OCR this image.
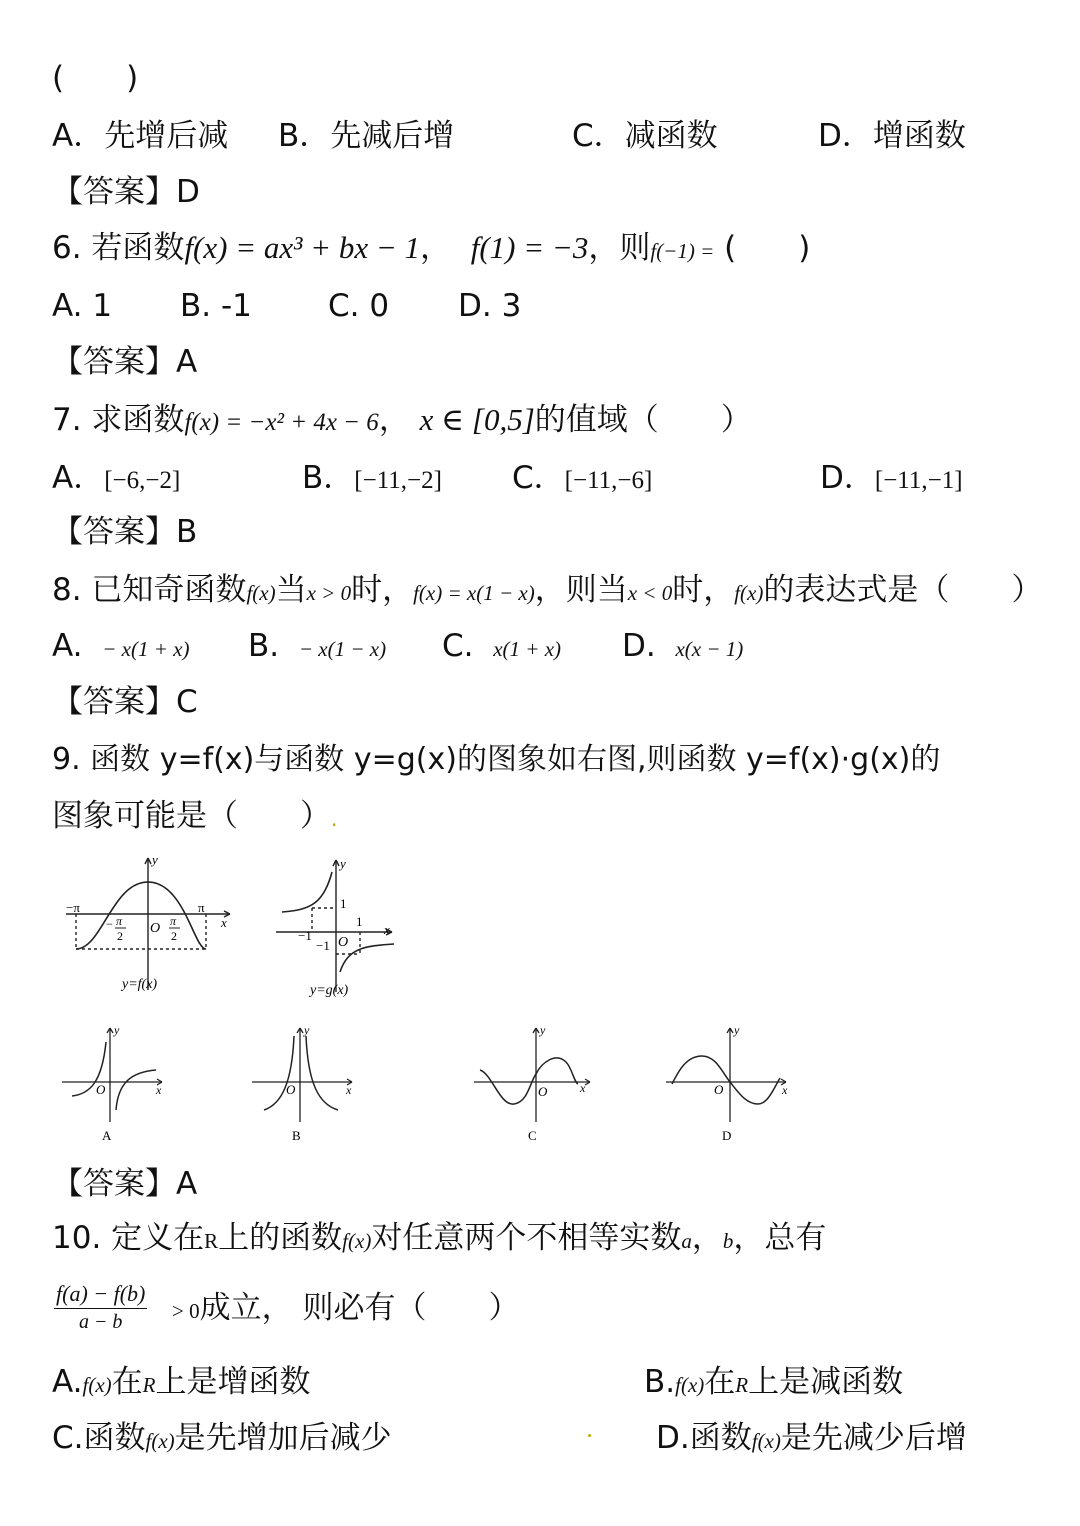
(　　)
A．先增后减 B．先减后增	C．减函数	D．增函数
【答案】D
6. 若函数f(x) = ax³ + bx − 1， f(1) = −3，则f(−1) = (　　)
A. 1 B. -1 C. 0 D. 3
【答案】A
7. 求函数f(x) = −x² + 4x − 6， x ∈ [0,5]的值域（　　）
A．[−6,−2]	B．[−11,−2] C．[−11,−6]	D．[−11,−1]
【答案】B
8. 已知奇函数f(x)当x > 0时，f(x) = x(1 − x)，则当x < 0时，f(x)的表达式是（　　）
A. − x(1 + x) B. − x(1 − x) C. x(1 + x) D. x(x − 1)
【答案】C
9. 函数 y=f(x)与函数 y=g(x)的图象如右图,则函数 y=f(x)·g(x)的
图象可能是（　　）.
−π	π
− π
2
π
2
O	x
y
y=f(x)
1
−1
1
−1 O
x
y
y=g(x)
O	x
y
A
O	x
y
B
O	x
y
C
O	x
y
D
【答案】A
10. 定义在R上的函数f(x)对任意两个不相等实数a，b，总有
$\frac{f(a) - f(b)}{a - b} > 0$成立， 则必有（　　）
A.f(x)在R上是增函数	B.f(x)在R上是减函数
C.函数f(x)是先增加后减少	D.函数f(x)是先减少后增
